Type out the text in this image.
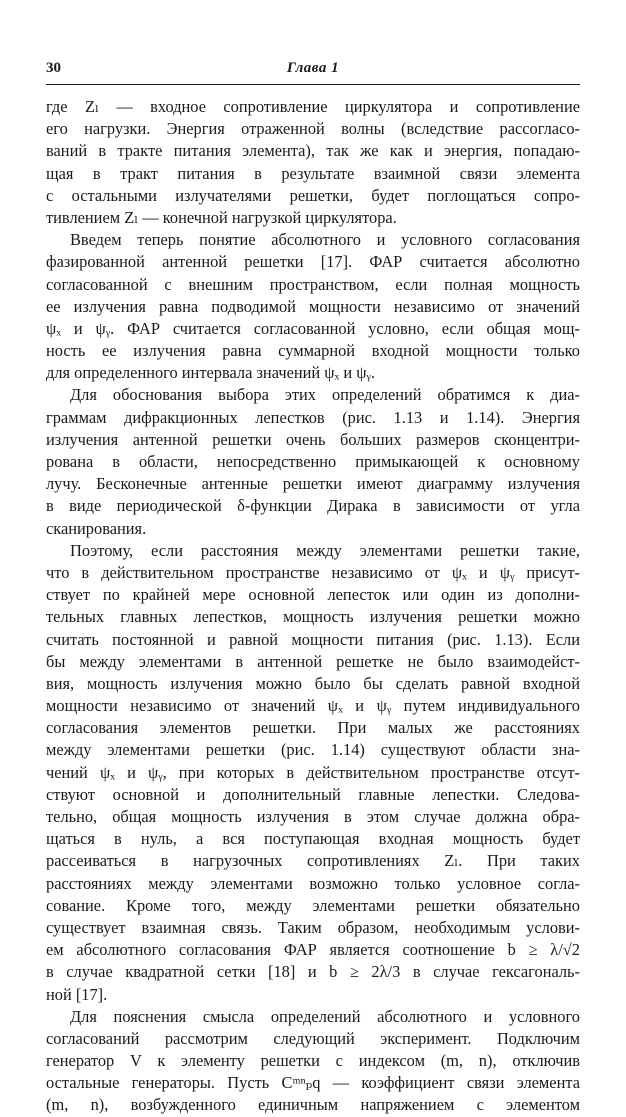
30	Глава 1
где Zₗ — входное сопротивление циркулятора и сопротивление
его нагрузки. Энергия отраженной волны (вследствие рассогласо-
ваний в тракте питания элемента), так же как и энергия, попадаю-
щая в тракт питания в результате взаимной связи элемента
с остальными излучателями решетки, будет поглощаться сопро-
тивлением Zₗ — конечной нагрузкой циркулятора.
Введем теперь понятие абсолютного и условного согласования
фазированной антенной решетки [17]. ФАР считается абсолютно
согласованной с внешним пространством, если полная мощность
ее излучения равна подводимой мощности независимо от значений
ψₓ и ψᵧ. ФАР считается согласованной условно, если общая мощ-
ность ее излучения равна суммарной входной мощности только
для определенного интервала значений ψₓ и ψᵧ.
Для обоснования выбора этих определений обратимся к диа-
граммам дифракционных лепестков (рис. 1.13 и 1.14). Энергия
излучения антенной решетки очень больших размеров сконцентри-
рована в области, непосредственно примыкающей к основному
лучу. Бесконечные антенные решетки имеют диаграмму излучения
в виде периодической δ-функции Дирака в зависимости от угла
сканирования.
Поэтому, если расстояния между элементами решетки такие,
что в действительном пространстве независимо от ψₓ и ψᵧ присут-
ствует по крайней мере основной лепесток или один из дополни-
тельных главных лепестков, мощность излучения решетки можно
считать постоянной и равной мощности питания (рис. 1.13). Если
бы между элементами в антенной решетке не было взаимодейст-
вия, мощность излучения можно было бы сделать равной входной
мощности независимо от значений ψₓ и ψᵧ путем индивидуального
согласования элементов решетки. При малых же расстояниях
между элементами решетки (рис. 1.14) существуют области зна-
чений ψₓ и ψᵧ, при которых в действительном пространстве отсут-
ствуют основной и дополнительный главные лепестки. Следова-
тельно, общая мощность излучения в этом случае должна обра-
щаться в нуль, а вся поступающая входная мощность будет
рассеиваться в нагрузочных сопротивлениях Zₗ. При таких
расстояниях между элементами возможно только условное согла-
сование. Кроме того, между элементами решетки обязательно
существует взаимная связь. Таким образом, необходимым услови-
ем абсолютного согласования ФАР является соотношение b ≥ λ/√2
в случае квадратной сетки [18] и b ≥ 2λ/3 в случае гексагональ-
ной [17].
Для пояснения смысла определений абсолютного и условного
согласований рассмотрим следующий эксперимент. Подключим
генератор V к элементу решетки с индексом (m, n), отключив
остальные генераторы. Пусть Cᵐⁿₚq — коэффициент связи элемента
(m, n), возбужденного единичным напряжением с элементом
